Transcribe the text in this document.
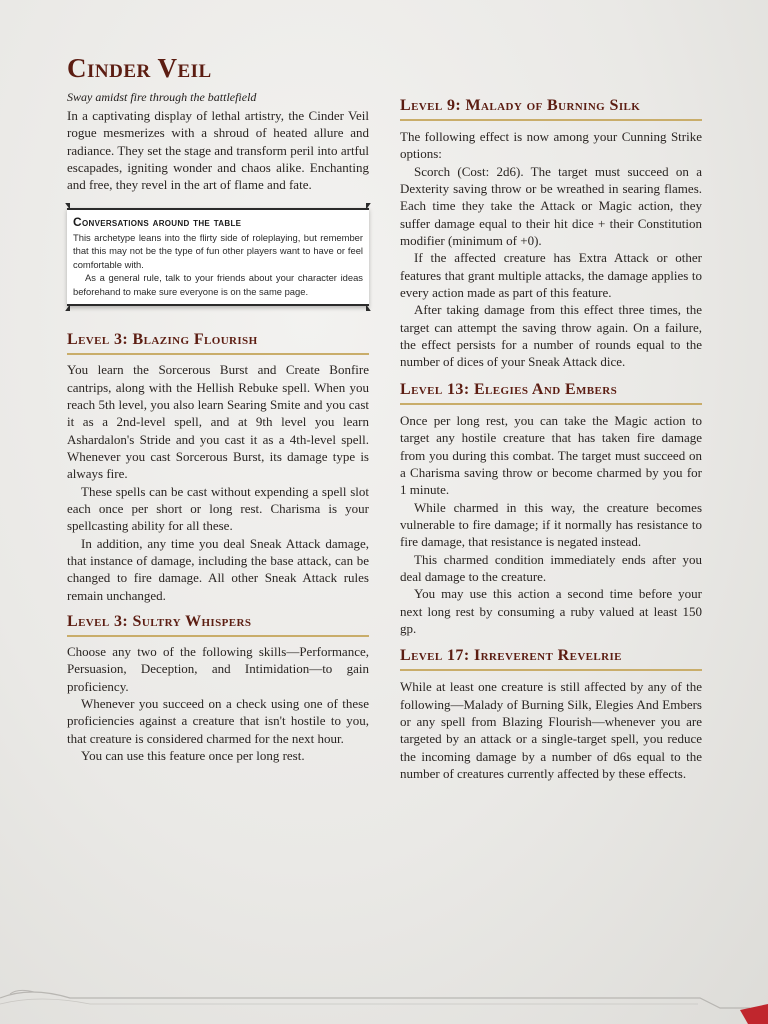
Cinder Veil
Sway amidst fire through the battlefield

In a captivating display of lethal artistry, the Cinder Veil rogue mesmerizes with a shroud of heated allure and radiance. They set the stage and transform peril into artful escapades, igniting wonder and chaos alike. Enchanting and free, they revel in the art of flame and fate.

Conversations around the table

This archetype leans into the flirty side of roleplaying, but remember that this may not be the type of fun other players want to have or feel comfortable with.

As a general rule, talk to your friends about your character ideas beforehand to make sure everyone is on the same page.

Level 3: Blazing Flourish

You learn the Sorcerous Burst and Create Bonfire cantrips, along with the Hellish Rebuke spell. When you reach 5th level, you also learn Searing Smite and you cast it as a 2nd-level spell, and at 9th level you learn Ashardalon's Stride and you cast it as a 4th-level spell. Whenever you cast Sorcerous Burst, its damage type is always fire.

These spells can be cast without expending a spell slot each once per short or long rest. Charisma is your spellcasting ability for all these.

In addition, any time you deal Sneak Attack damage, that instance of damage, including the base attack, can be changed to fire damage. All other Sneak Attack rules remain unchanged.

Level 3: Sultry Whispers

Choose any two of the following skills—Performance, Persuasion, Deception, and Intimidation—to gain proficiency.

Whenever you succeed on a check using one of these proficiencies against a creature that isn't hostile to you, that creature is considered charmed for the next hour.

You can use this feature once per long rest.

Level 9: Malady of Burning Silk

The following effect is now among your Cunning Strike options:

Scorch (Cost: 2d6). The target must succeed on a Dexterity saving throw or be wreathed in searing flames. Each time they take the Attack or Magic action, they suffer damage equal to their hit dice + their Constitution modifier (minimum of +0).

If the affected creature has Extra Attack or other features that grant multiple attacks, the damage applies to every action made as part of this feature.

After taking damage from this effect three times, the target can attempt the saving throw again. On a failure, the effect persists for a number of rounds equal to the number of dices of your Sneak Attack dice.

Level 13: Elegies And Embers

Once per long rest, you can take the Magic action to target any hostile creature that has taken fire damage from you during this combat. The target must succeed on a Charisma saving throw or become charmed by you for 1 minute.

While charmed in this way, the creature becomes vulnerable to fire damage; if it normally has resistance to fire damage, that resistance is negated instead.

This charmed condition immediately ends after you deal damage to the creature.

You may use this action a second time before your next long rest by consuming a ruby valued at least 150 gp.

Level 17: Irreverent Revelrie

While at least one creature is still affected by any of the following—Malady of Burning Silk, Elegies And Embers or any spell from Blazing Flourish—whenever you are targeted by an attack or a single-target spell, you reduce the incoming damage by a number of d6s equal to the number of creatures currently affected by these effects.
